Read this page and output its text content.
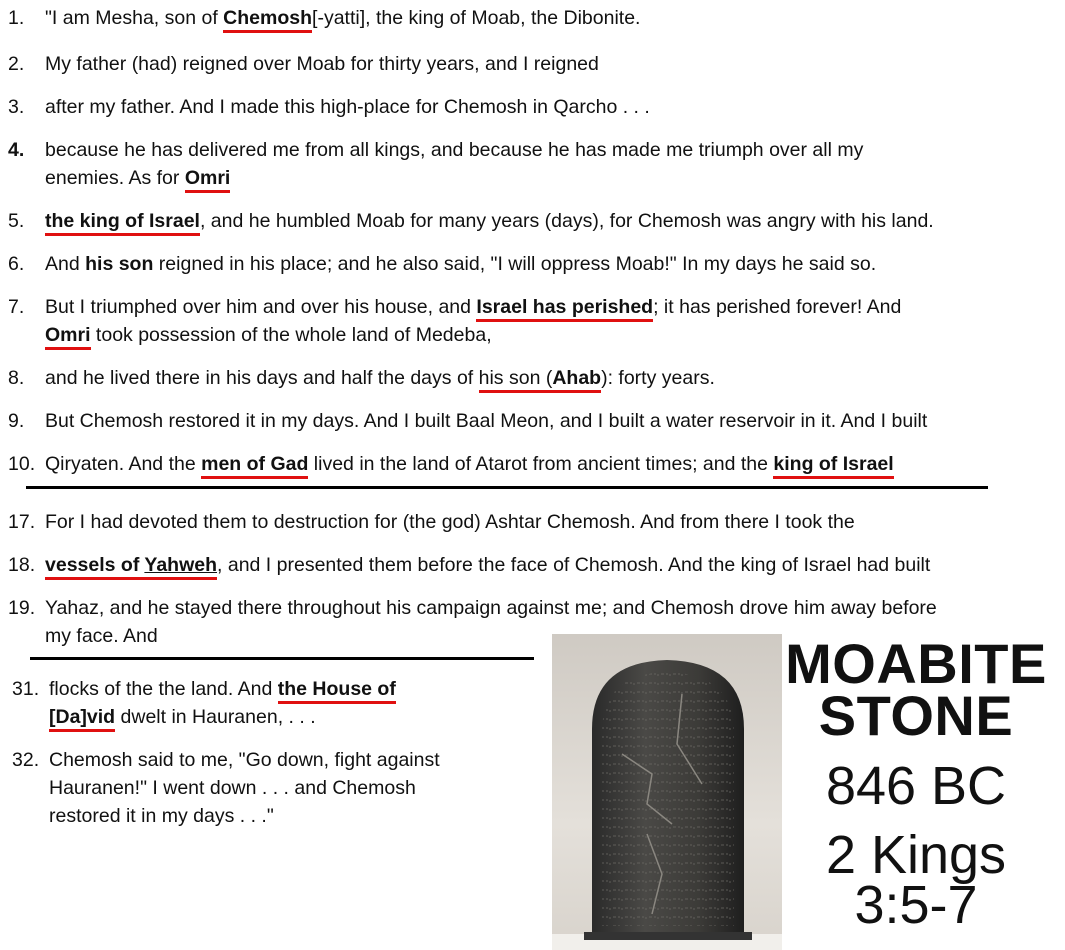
1. "I am Mesha, son of Chemosh[-yatti], the king of Moab, the Dibonite.
2. My father (had) reigned over Moab for thirty years, and I reigned
3. after my father. And I made this high-place for Chemosh in Qarcho . . .
4. because he has delivered me from all kings, and because he has made me triumph over all my
enemies. As for Omri
5. the king of Israel, and he humbled Moab for many years (days), for Chemosh was angry with his land.
6. And his son reigned in his place; and he also said, "I will oppress Moab!" In my days he said so.
7. But I triumphed over him and over his house, and Israel has perished; it has perished forever! And
Omri took possession of the whole land of Medeba,
8. and he lived there in his days and half the days of his son (Ahab): forty years.
9. But Chemosh restored it in my days. And I built Baal Meon, and I built a water reservoir in it. And I built
10. Qiryaten. And the men of Gad lived in the land of Atarot from ancient times; and the king of Israel
17. For I had devoted them to destruction for (the god) Ashtar Chemosh. And from there I took the
18. vessels of Yahweh, and I presented them before the face of Chemosh. And the king of Israel had built
19. Yahaz, and he stayed there throughout his campaign against me; and Chemosh drove him away before
my face. And
31. flocks of the the land. And the House of
[Da]vid dwelt in Hauranen, . . .
32. Chemosh said to me, "Go down, fight against
Hauranen!" I went down . . . and Chemosh
restored it in my days . . ."
MOABITE
STONE
846 BC
2 Kings
3:5-7
